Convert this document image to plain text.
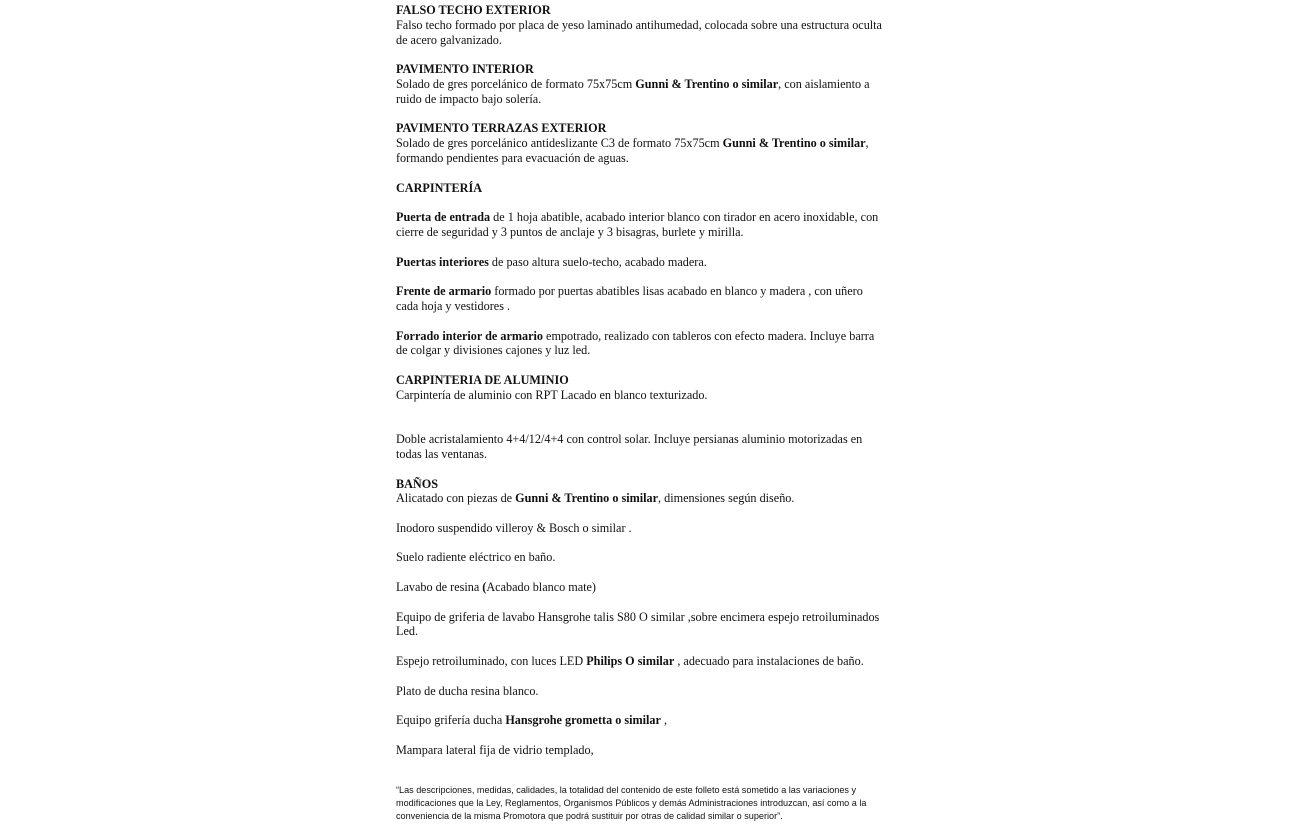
FALSO TECHO EXTERIOR
Falso techo formado por placa de yeso laminado antihumedad, colocada sobre una estructura oculta de acero galvanizado.
PAVIMENTO INTERIOR
Solado de gres porcelánico de formato 75x75cm Gunni & Trentino o similar, con aislamiento a ruido de impacto bajo solería.
PAVIMENTO TERRAZAS EXTERIOR
Solado de gres porcelánico antideslizante C3 de formato 75x75cm Gunni & Trentino o similar, formando pendientes para evacuación de aguas.
CARPINTERÍA
Puerta de entrada de 1 hoja abatible, acabado interior blanco con tirador en acero inoxidable, con cierre de seguridad y 3 puntos de anclaje y 3 bisagras, burlete y mirilla.
Puertas interiores de paso altura suelo-techo, acabado madera.
Frente de armario formado por puertas abatibles lisas acabado en blanco y madera , con uñero cada hoja y vestidores .
Forrado interior de armario empotrado, realizado con tableros con efecto madera. Incluye barra de colgar y divisiones cajones y luz led.
CARPINTERIA DE ALUMINIO
Carpintería de aluminio con RPT Lacado en blanco texturizado.
Doble acristalamiento 4+4/12/4+4 con control solar. Incluye persianas aluminio motorizadas en todas las ventanas.
BAÑOS
Alicatado con piezas de Gunni & Trentino o similar, dimensiones según diseño.
Inodoro suspendido villeroy & Bosch o similar .
Suelo radiente eléctrico en baño.
Lavabo de resina (Acabado blanco mate)
Equipo de griferia de lavabo Hansgrohe talis S80 O similar ,sobre encimera espejo retroiluminados Led.
Espejo retroiluminado, con luces LED Philips O similar , adecuado para instalaciones de baño.
Plato de ducha resina blanco.
Equipo grifería ducha Hansgrohe grometta o similar ,
Mampara lateral fija de vidrio templado,
“Las descripciones, medidas, calidades, la totalidad del contenido de este folleto está sometido a las variaciones y modificaciones que la Ley, Reglamentos, Organismos Públicos y demás Administraciones introduzcan, así como a la conveniencia de la misma Promotora que podrá sustituir por otras de calidad similar o superior”.
